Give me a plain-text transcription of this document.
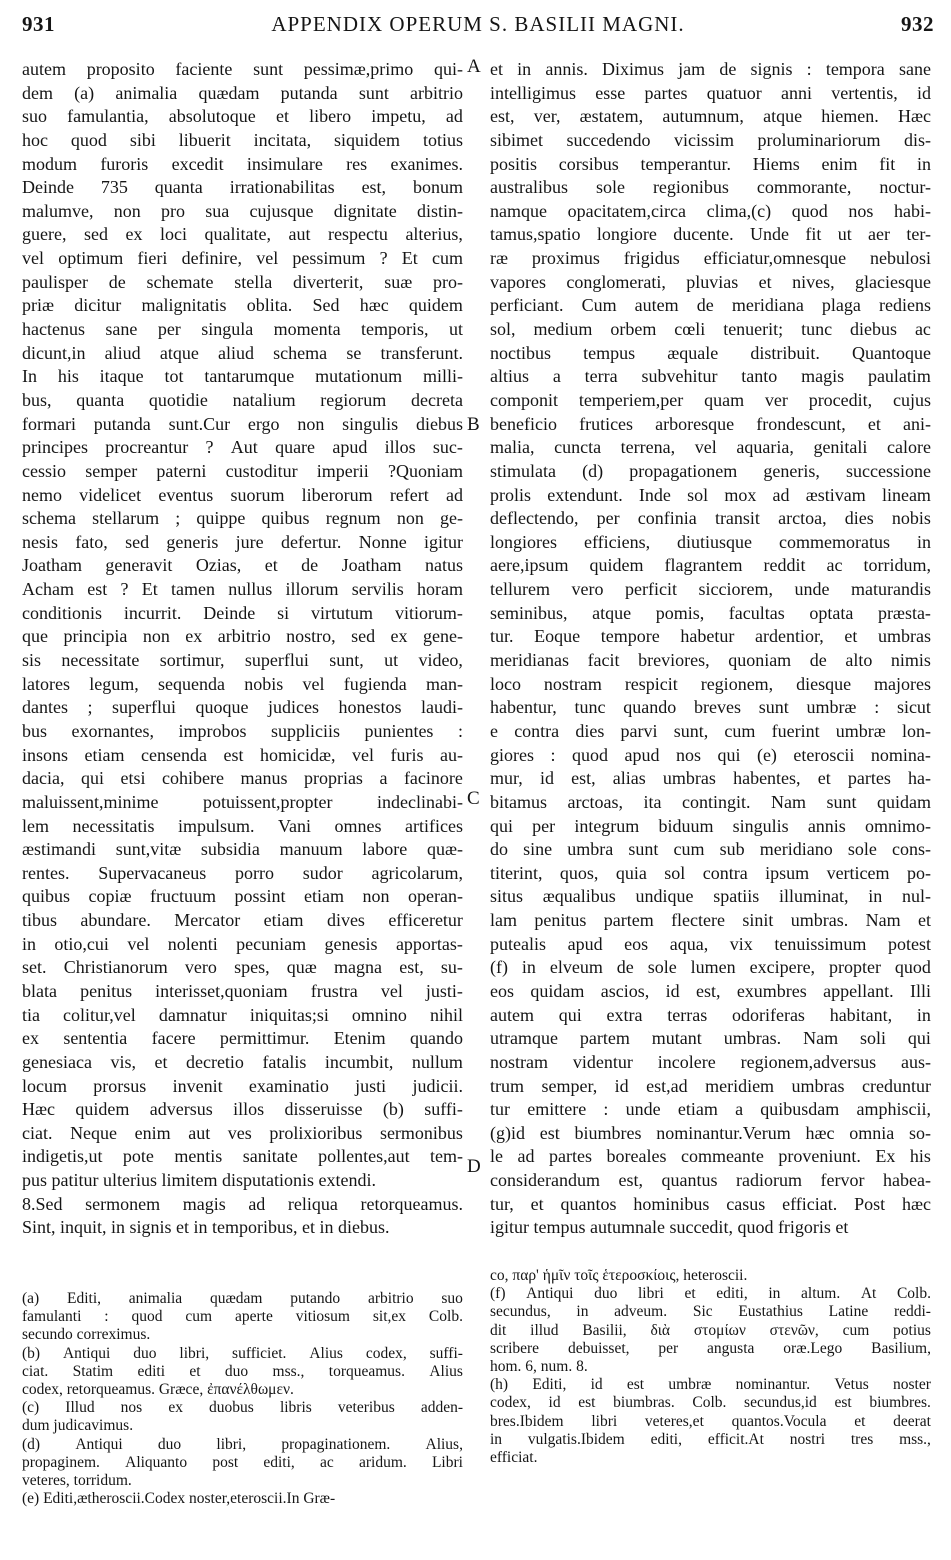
931	APPENDIX OPERUM S. BASILII MAGNI.	932
autem proposito faciente sunt pessimæ,primo qui-
dem (a) animalia quædam putanda sunt arbitrio
suo famulantia, absolutoque et libero impetu, ad
hoc quod sibi libuerit incitata, siquidem totius
modum furoris excedit insimulare res exanimes.
Deinde 735 quanta irrationabilitas est, bonum
malumve, non pro sua cujusque dignitate distin-
guere, sed ex loci qualitate, aut respectu alterius,
vel optimum fieri definire, vel pessimum ? Et cum
paulisper de schemate stella diverterit, suæ pro-
priæ dicitur malignitatis oblita. Sed hæc quidem
hactenus sane per singula momenta temporis, ut
dicunt,in aliud atque aliud schema se transferunt.
In his itaque tot tantarumque mutationum milli-
bus, quanta quotidie natalium regiorum decreta
formari putanda sunt.Cur ergo non singulis diebus
principes procreantur ? Aut quare apud illos suc-
cessio semper paterni custoditur imperii ?Quoniam
nemo videlicet eventus suorum liberorum refert ad
schema stellarum ; quippe quibus regnum non ge-
nesis fato, sed generis jure defertur. Nonne igitur
Joatham generavit Ozias, et de Joatham natus
Acham est ? Et tamen nullus illorum servilis horam
conditionis incurrit. Deinde si virtutum vitiorum-
que principia non ex arbitrio nostro, sed ex gene-
sis necessitate sortimur, superflui sunt, ut video,
latores legum, sequenda nobis vel fugienda man-
dantes ; superflui quoque judices honestos laudi-
bus exornantes, improbos suppliciis punientes :
insons etiam censenda est homicidæ, vel furis au-
dacia, qui etsi cohibere manus proprias a facinore
maluissent,minime potuissent,propter indeclinabi-
lem necessitatis impulsum. Vani omnes artifices
æstimandi sunt,vitæ subsidia manuum labore quæ-
rentes. Supervacaneus porro sudor agricolarum,
quibus copiæ fructuum possint etiam non operan-
tibus abundare. Mercator etiam dives efficeretur
in otio,cui vel nolenti pecuniam genesis apportas-
set. Christianorum vero spes, quæ magna est, su-
blata penitus interisset,quoniam frustra vel justi-
tia colitur,vel damnatur iniquitas;si omnino nihil
ex sententia facere permittimur. Etenim quando
genesiaca vis, et decretio fatalis incumbit, nullum
locum prorsus invenit examinatio justi judicii.
Hæc quidem adversus illos disseruisse (b) suffi-
ciat. Neque enim aut ves prolixioribus sermonibus
indigetis,ut pote mentis sanitate pollentes,aut tem-
pus patitur ulterius limitem disputationis extendi.
8.Sed sermonem magis ad reliqua retorqueamus.
Sint, inquit, in signis et in temporibus, et in diebus.
et in annis. Diximus jam de signis : tempora sane
intelligimus esse partes quatuor anni vertentis, id
est, ver, æstatem, autumnum, atque hiemen. Hæc
sibimet succedendo vicissim proluminariorum dis-
positis corsibus temperantur. Hiems enim fit in
australibus sole regionibus commorante, noctur-
namque opacitatem,circa clima,(c) quod nos habi-
tamus,spatio longiore ducente. Unde fit ut aer ter-
ræ proximus frigidus efficiatur,omnesque nebulosi
vapores conglomerati, pluvias et nives, glaciesque
perficiant. Cum autem de meridiana plaga rediens
sol, medium orbem cœli tenuerit; tunc diebus ac
noctibus tempus æquale distribuit. Quantoque
altius a terra subvehitur tanto magis paulatim
componit temperiem,per quam ver procedit, cujus
beneficio frutices arboresque frondescunt, et ani-
malia, cuncta terrena, vel aquaria, genitali calore
stimulata (d) propagationem generis, successione
prolis extendunt. Inde sol mox ad æstivam lineam
deflectendo, per confinia transit arctoa, dies nobis
longiores efficiens, diutiusque commemoratus in
aere,ipsum quidem flagrantem reddit ac torridum,
tellurem vero perficit sicciorem, unde maturandis
seminibus, atque pomis, facultas optata præsta-
tur. Eoque tempore habetur ardentior, et umbras
meridianas facit breviores, quoniam de alto nimis
loco nostram respicit regionem, diesque majores
habentur, tunc quando breves sunt umbræ : sicut
e contra dies parvi sunt, cum fuerint umbræ lon-
giores : quod apud nos qui (e) eteroscii nomina-
mur, id est, alias umbras habentes, et partes ha-
bitamus arctoas, ita contingit. Nam sunt quidam
qui per integrum biduum singulis annis omnimo-
do sine umbra sunt cum sub meridiano sole cons-
titerint, quos, quia sol contra ipsum verticem po-
situs æqualibus undique spatiis illuminat, in nul-
lam penitus partem flectere sinit umbras. Nam et
putealis apud eos aqua, vix tenuissimum potest
(f) in elveum de sole lumen excipere, propter quod
eos quidam ascios, id est, exumbres appellant. Illi
autem qui extra terras odoriferas habitant, in
utramque partem mutant umbras. Nam soli qui
nostram videntur incolere regionem,adversus aus-
trum semper, id est,ad meridiem umbras creduntur
tur emittere : unde etiam a quibusdam amphiscii,
(g)id est biumbres nominantur.Verum hæc omnia so-
le ad partes boreales commeante proveniunt. Ex his
considerandum est, quantus radiorum fervor habea-
tur, et quantos hominibus casus efficiat. Post hæc
igitur tempus autumnale succedit, quod frigoris et
A
B
C
D
(a) Editi, animalia quædam putando arbitrio suo
famulanti : quod cum aperte vitiosum sit,ex Colb.
secundo correximus.
(b) Antiqui duo libri, sufficiet. Alius codex, suffi-
ciat. Statim editi et duo mss., torqueamus. Alius
codex, retorqueamus. Græce, ἐπανέλθωμεν.
(c) Illud nos ex duobus libris veteribus adden-
dum judicavimus.
(d) Antiqui duo libri, propaginationem. Alius,
propaginem. Aliquanto post editi, ac aridum. Libri
veteres, torridum.
(e) Editi,ætheroscii.Codex noster,eteroscii.In Græ-
co, παρ' ἡμῖν τοῖς ἑτεροσκίοις, heteroscii.
(f) Antiqui duo libri et editi, in altum. At Colb.
secundus, in adveum. Sic Eustathius Latine reddi-
dit illud Basilii, διὰ στομίων στενῶν, cum potius
scribere debuisset, per angusta oræ.Lego Basilium,
hom. 6, num. 8.
(h) Editi, id est umbræ nominantur. Vetus noster
codex, id est biumbras. Colb. secundus,id est biumbres.
bres.Ibidem libri veteres,et quantos.Vocula et deerat
in vulgatis.Ibidem editi, efficit.At nostri tres mss.,
efficiat.
